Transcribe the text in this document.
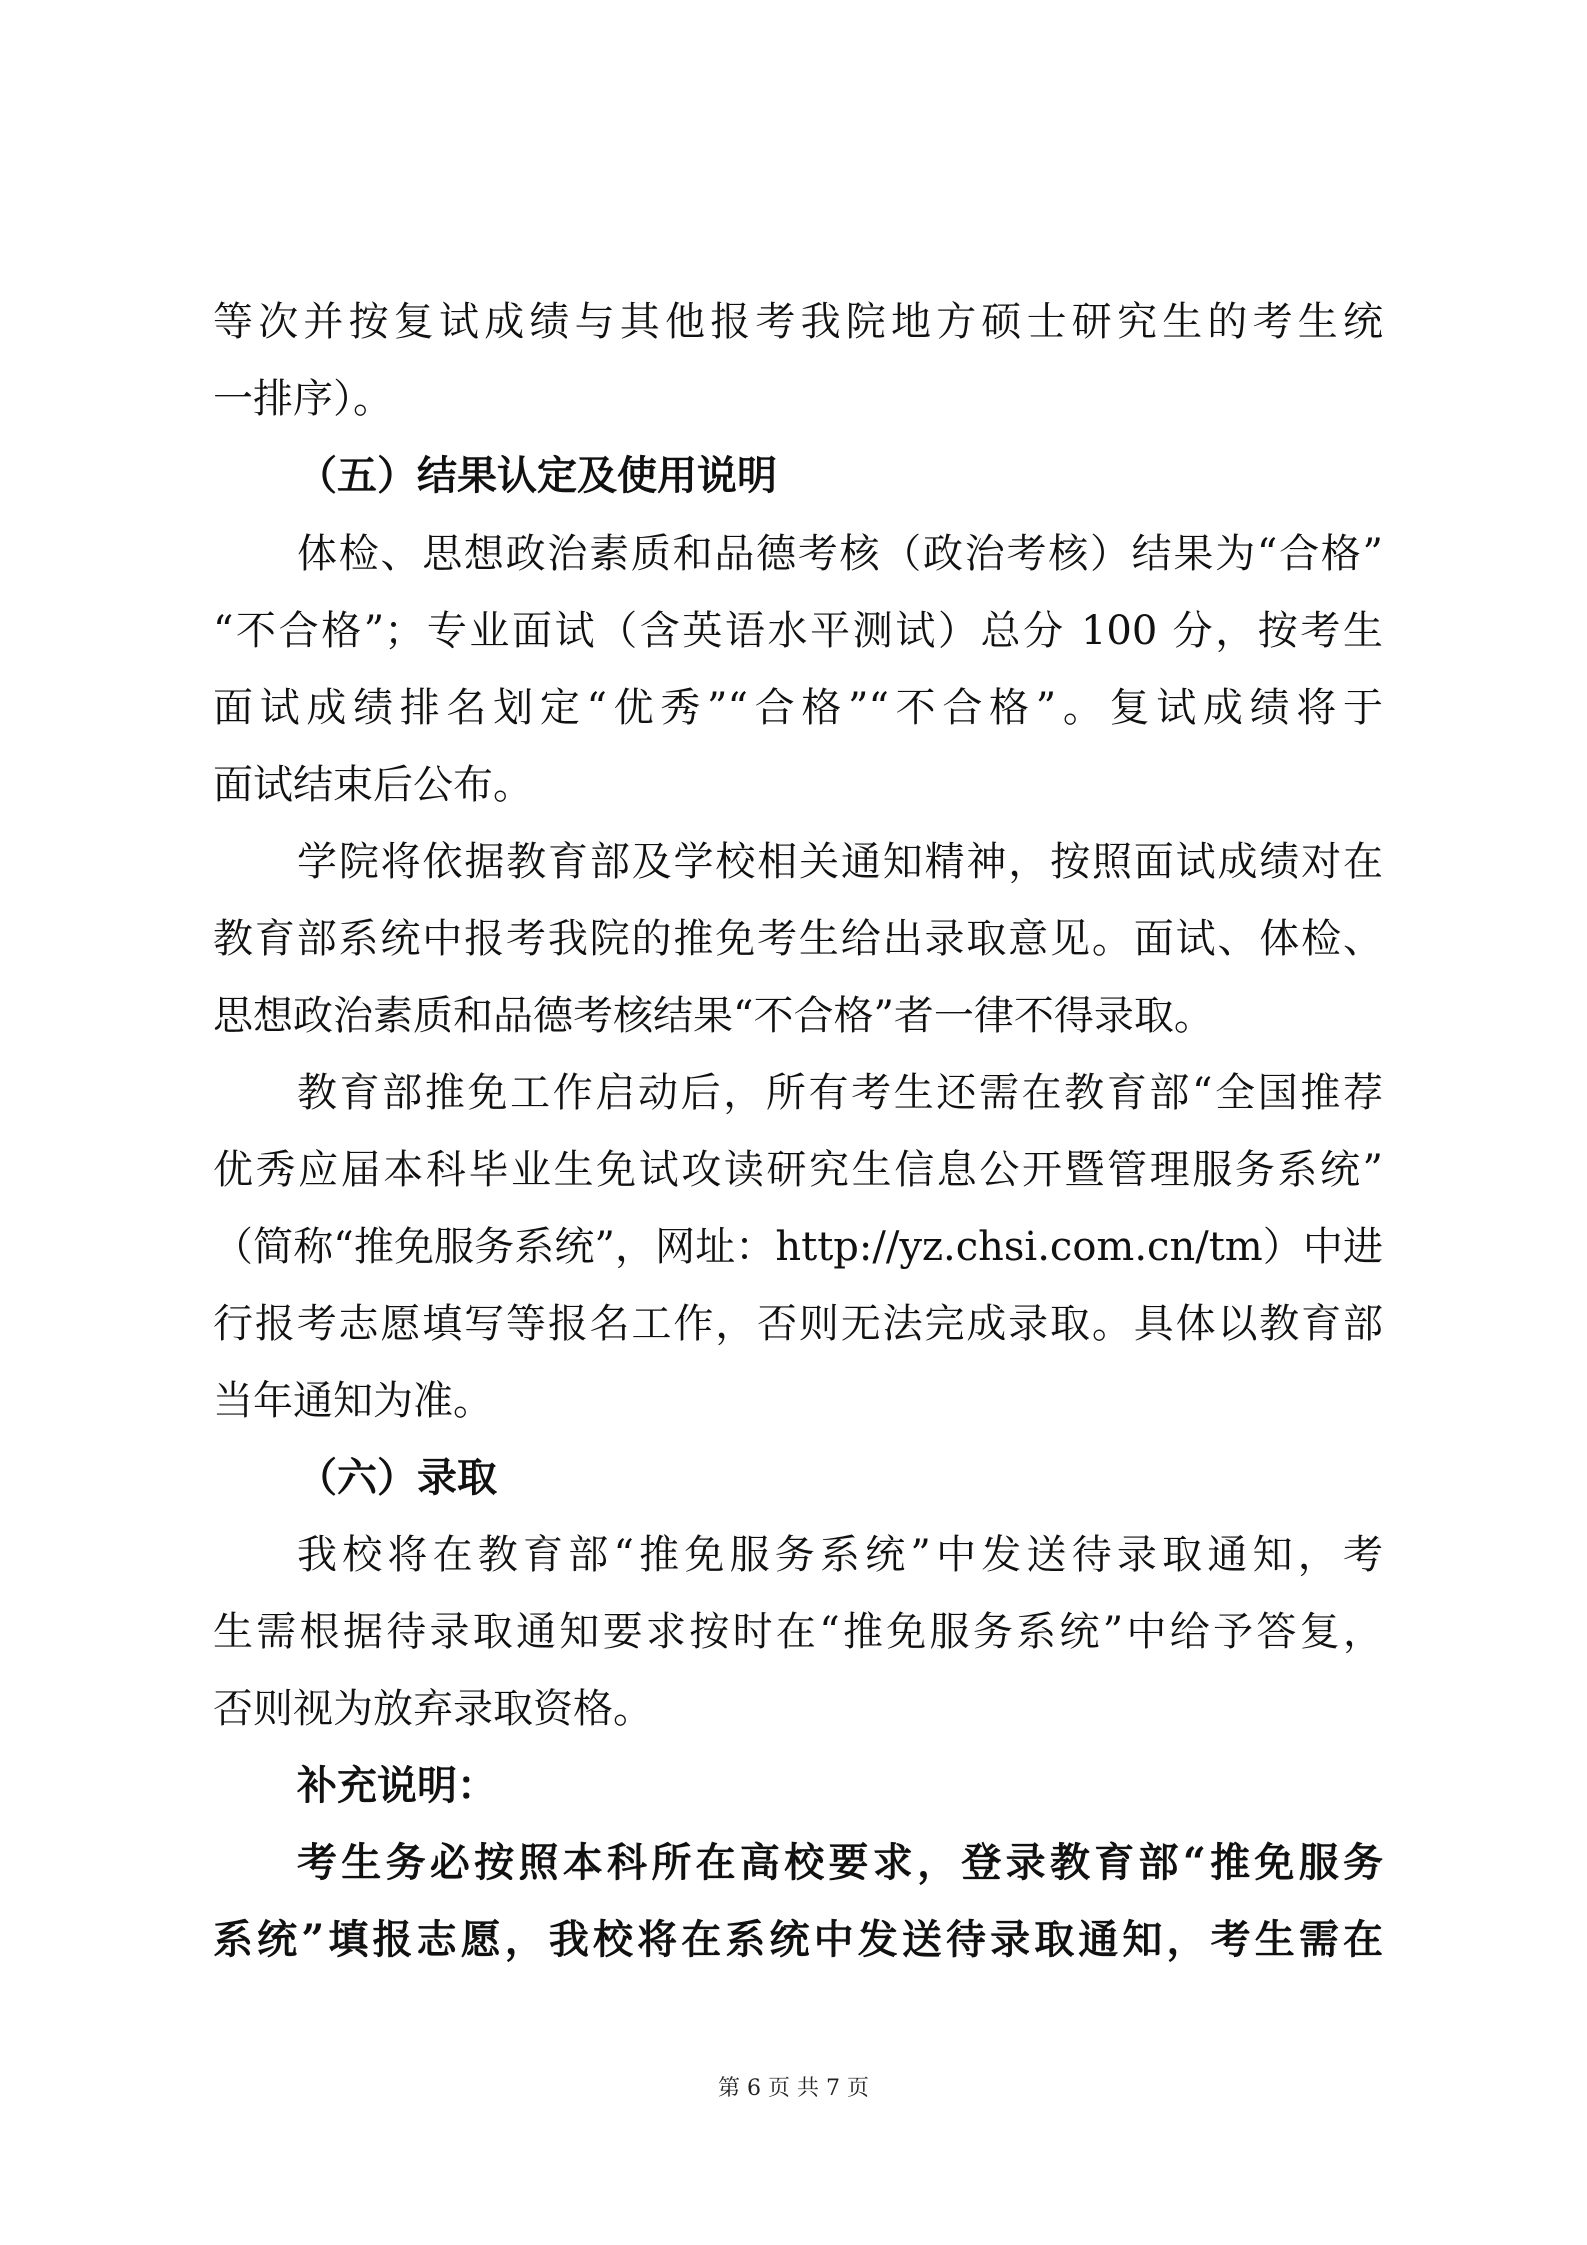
等次并按复试成绩与其他报考我院地方硕士研究生的考生统
一排序）。
（五）结果认定及使用说明
体检、思想政治素质和品德考核（政治考核）结果为“合格”
“不合格”；专业面试（含英语水平测试）总分 100 分，按考生
面试成绩排名划定“优秀”“合格”“不合格”。复试成绩将于
面试结束后公布。
学院将依据教育部及学校相关通知精神，按照面试成绩对在
教育部系统中报考我院的推免考生给出录取意见。面试、体检、
思想政治素质和品德考核结果“不合格”者一律不得录取。
教育部推免工作启动后，所有考生还需在教育部“全国推荐
优秀应届本科毕业生免试攻读研究生信息公开暨管理服务系统”
（简称“推免服务系统”，网址：http://yz.chsi.com.cn/tm）中进
行报考志愿填写等报名工作，否则无法完成录取。具体以教育部
当年通知为准。
（六）录取
我校将在教育部“推免服务系统”中发送待录取通知，考
生需根据待录取通知要求按时在“推免服务系统”中给予答复，
否则视为放弃录取资格。
补充说明：
考生务必按照本科所在高校要求，登录教育部“推免服务
系统”填报志愿，我校将在系统中发送待录取通知，考生需在
第 6 页 共 7 页
